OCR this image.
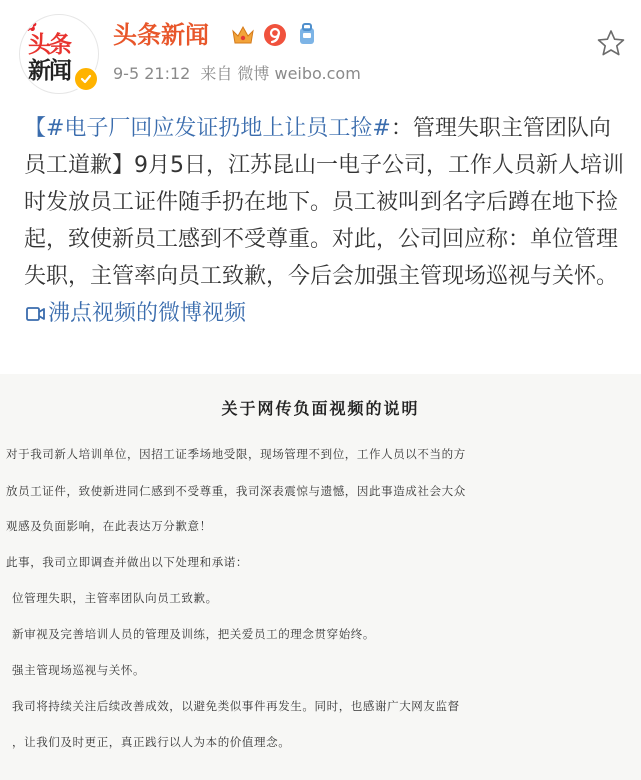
✿
头条
新闻
头条新闻
9-5 21:12 来自 微博 weibo.com

【#电子厂回应发证扔地上让员工捡#：管理失职主管团队向员工道歉】9月5日，江苏昆山一电子公司，工作人员新人培训时发放员工证件随手扔在地下。员工被叫到名字后蹲在地下捡起，致使新员工感到不受尊重。对此，公司回应称：单位管理失职，主管率向员工致歉，今后会加强主管现场巡视与关怀。沸点视频的微博视频

关于网传负面视频的说明

对于我司新人培训单位，因招工证季场地受限，现场管理不到位，工作人员以不当的方

放员工证件，致使新进同仁感到不受尊重，我司深表震惊与遗憾，因此事造成社会大众

观感及负面影响，在此表达万分歉意！

此事，我司立即调查并做出以下处理和承诺：

位管理失职，主管率团队向员工致歉。

新审视及完善培训人员的管理及训练，把关爱员工的理念贯穿始终。

强主管现场巡视与关怀。

我司将持续关注后续改善成效，以避免类似事件再发生。同时，也感谢广大网友监督

，让我们及时更正，真正践行以人为本的价值理念。
